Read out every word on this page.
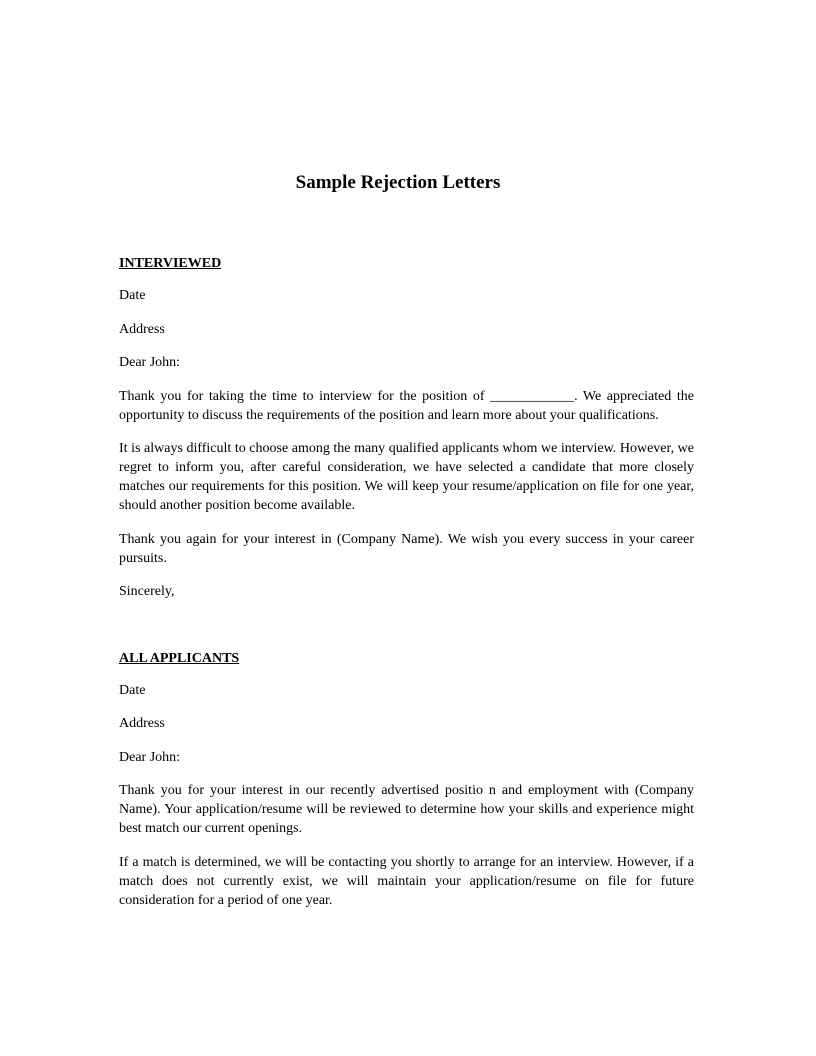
Sample Rejection Letters
INTERVIEWED
Date
Address
Dear John:

Thank you for taking the time to interview for the position of ____________. We appreciated the opportunity to discuss the requirements of the position and learn more about your qualifications.

It is always difficult to choose among the many qualified applicants whom we interview. However, we regret to inform you, after careful consideration, we have selected a candidate that more closely matches our requirements for this position. We will keep your resume/application on file for one year, should another position become available.

Thank you again for your interest in (Company Name). We wish you every success in your career pursuits.

Sincerely,
ALL APPLICANTS
Date
Address
Dear John:

Thank you for your interest in our recently advertised positio n and employment with (Company Name). Your application/resume will be reviewed to determine how your skills and experience might best match our current openings.

If a match is determined, we will be contacting you shortly to arrange for an interview. However, if a match does not currently exist, we will maintain your application/resume on file for future consideration for a period of one year.
